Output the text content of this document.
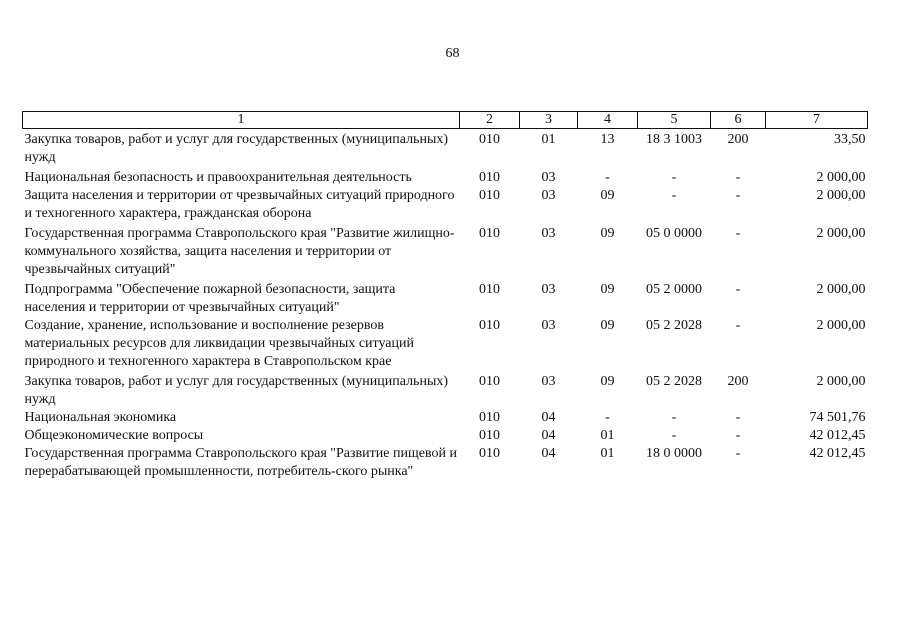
68
1	2	3	4	5	6	7
Закупка товаров, работ и услуг для государственных (муниципальных) нужд	010	01	13	18 3 1003	200	33,50
Национальная безопасность и правоохранительная деятельность	010	03	-	-	-	2 000,00
Защита населения и территории от чрезвычайных ситуаций природного и техногенного характера, гражданская оборона	010	03	09	-	-	2 000,00
Государственная программа Ставропольского края "Развитие жилищно-коммунального хозяйства, защита населения и территории от чрезвычайных ситуаций"	010	03	09	05 0 0000	-	2 000,00
Подпрограмма "Обеспечение пожарной безопасности, защита населения и территории от чрезвычайных ситуаций"	010	03	09	05 2 0000	-	2 000,00
Создание, хранение, использование и восполнение резервов материальных ресурсов для ликвидации чрезвычайных ситуаций природного и техногенного характера в Ставропольском крае	010	03	09	05 2 2028	-	2 000,00
Закупка товаров, работ и услуг для государственных (муниципальных) нужд	010	03	09	05 2 2028	200	2 000,00
Национальная экономика	010	04	-	-	-	74 501,76
Общеэкономические вопросы	010	04	01	-	-	42 012,45
Государственная программа Ставропольского края "Развитие пищевой и перерабатывающей промышленности, потребитель-ского рынка"	010	04	01	18 0 0000	-	42 012,45
